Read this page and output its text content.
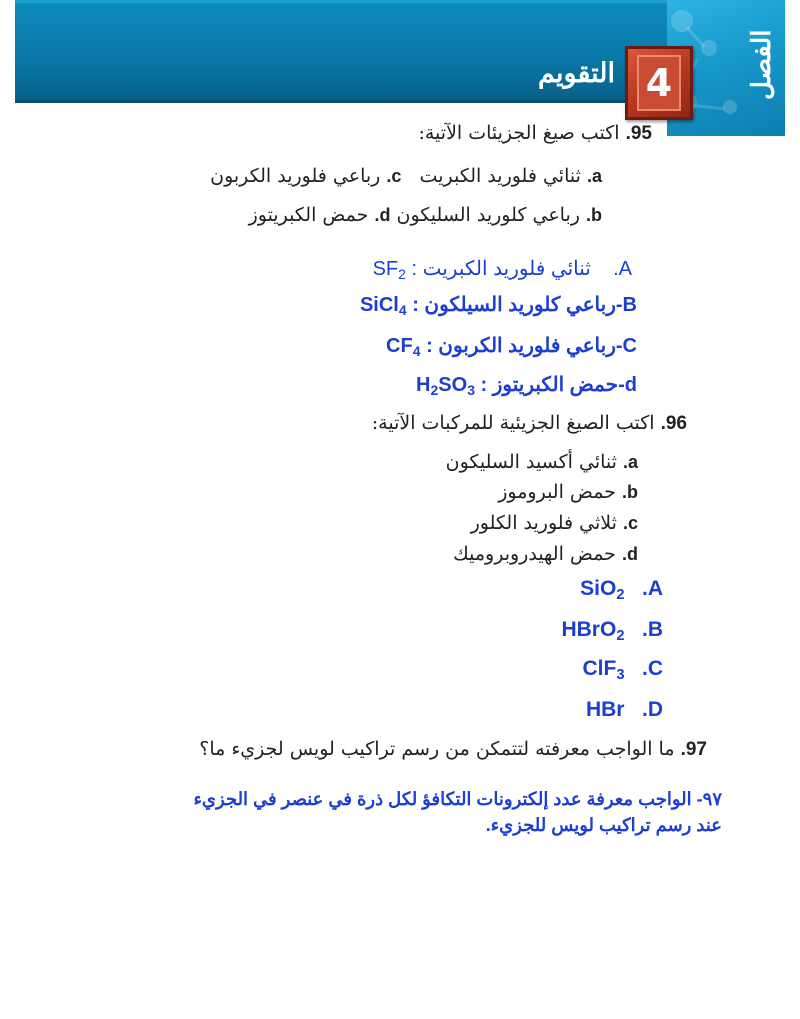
الفصل
4
التقويم
95. اكتب صيغ الجزيئات الآتية:
a. ثنائي فلوريد الكبريت   c. رباعي فلوريد الكربون
b. رباعي كلوريد السليكون d. حمض الكبريتوز
A.    ثنائي فلوريد الكبريت : $SF_2$
B-رباعي كلوريد السيلكون : SiCl$_4$
C-رباعي فلوريد الكربون : $CF_4$
d-حمض الكبريتوز : $H_2SO_3$
96. اكتب الصيغ الجزيئية للمركبات الآتية:
a. ثنائي أكسيد السليكون
b. حمض البروموز
c. ثلاثي فلوريد الكلور
d. حمض الهيدروبروميك
SiO$_2$ .A
HBrO$_2$ .B
ClF$_3$ .C
HBr .D
97. ما الواجب معرفته لتتمكن من رسم تراكيب لويس لجزيء ما؟
٩٧- الواجب معرفة عدد إلكترونات التكافؤ لكل ذرة في عنصر في الجزيء
عند رسم تراكيب لويس للجزيء.
